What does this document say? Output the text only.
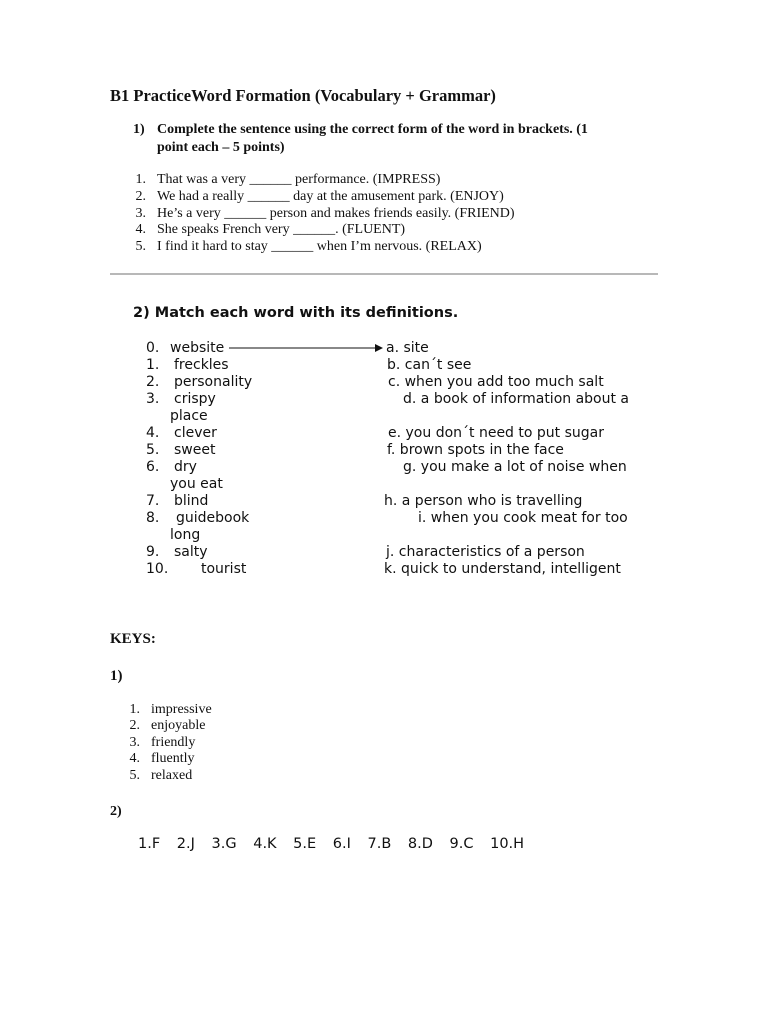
B1 PracticeWord Formation (Vocabulary + Grammar)
1) Complete the sentence using the correct form of the word in brackets. (1
point each – 5 points)
1. That was a very ______ performance. (IMPRESS)
2. We had a really ______ day at the amusement park. (ENJOY)
3. He’s a very ______ person and makes friends easily. (FRIEND)
4. She speaks French very ______. (FLUENT)
5. I find it hard to stay ______ when I’m nervous. (RELAX)
2) Match each word with its definitions.
0. website
1. freckles
2. personality
3. crispy
place
4. clever
5. sweet
6. dry
you eat
7. blind
8. guidebook
long
9. salty
10. tourist
a. site
b. can´t see
c. when you add too much salt
d. a book of information about a
e. you don´t need to put sugar
f. brown spots in the face
g. you make a lot of noise when
h. a person who is travelling
i. when you cook meat for too
j. characteristics of a person
k. quick to understand, intelligent
KEYS:
1)
1. impressive
2. enjoyable
3. friendly
4. fluently
5. relaxed
2)
1.F 2.J 3.G 4.K 5.E 6.I 7.B 8.D 9.C 10.H
